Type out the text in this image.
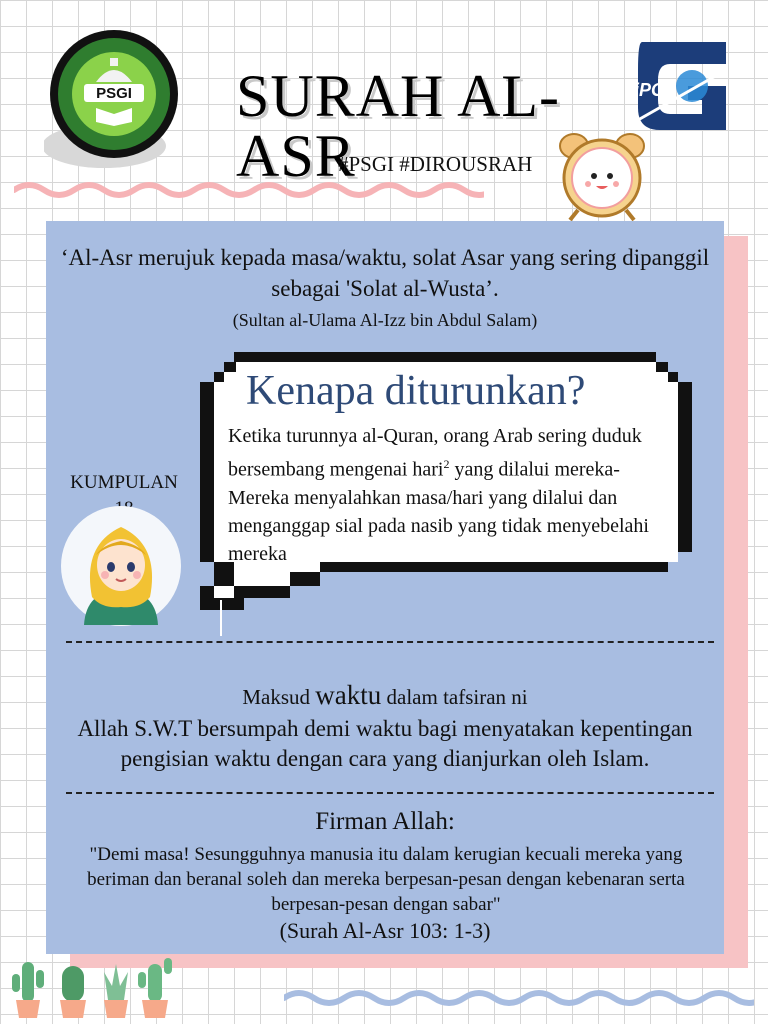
PSGI	iPG
SURAH AL-ASR
#PSGI #DIROUSRAH
‘Al-Asr merujuk kepada masa/waktu, solat Asar yang sering dipanggil sebagai 'Solat al-Wusta’.
(Sultan al-Ulama Al-Izz bin Abdul Salam)
Kenapa diturunkan?
Ketika turunnya al-Quran, orang Arab sering duduk bersembang mengenai hari$^2$ yang dilalui mereka- Mereka menyalahkan masa/hari yang dilalui dan menganggap sial pada nasib yang tidak menyebelahi mereka
KUMPULAN
Maksud waktu dalam tafsiran ni
Allah S.W.T bersumpah demi waktu bagi menyatakan kepentingan pengisian waktu dengan cara yang dianjurkan oleh Islam.
Firman Allah:
"Demi masa! Sesungguhnya manusia itu dalam kerugian kecuali mereka yang beriman dan beranal soleh dan mereka berpesan-pesan dengan kebenaran serta berpesan-pesan dengan sabar"
(Surah Al-Asr 103: 1-3)
